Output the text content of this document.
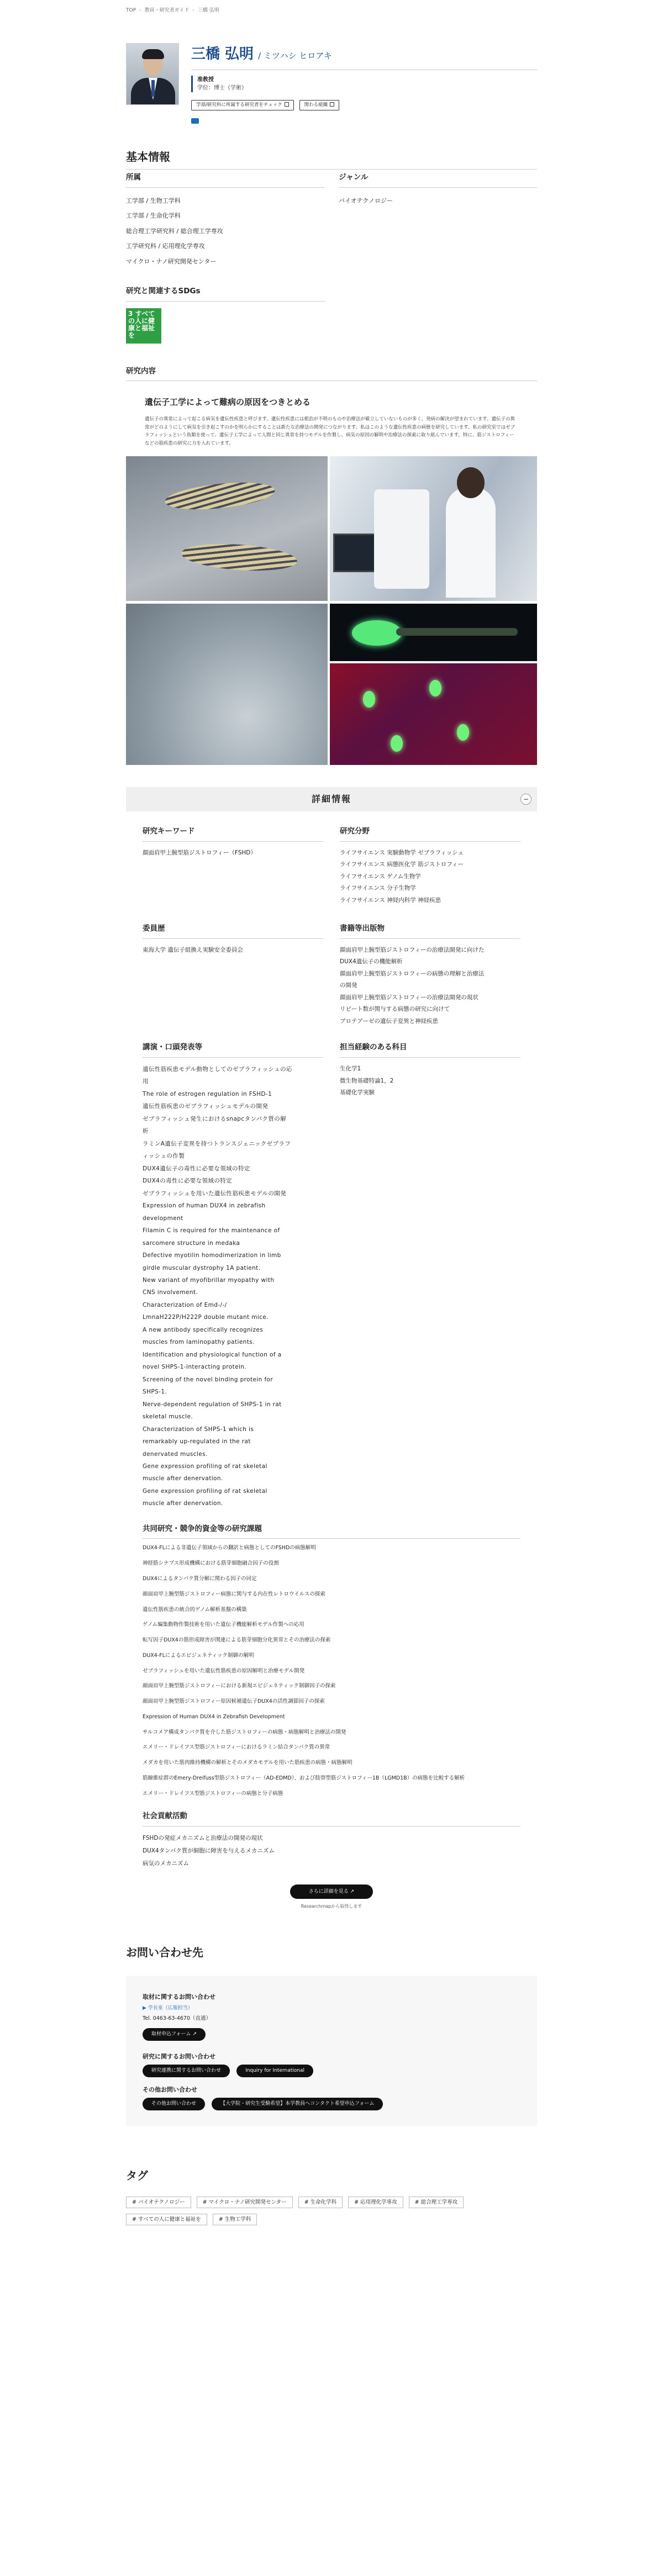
TOP › 教員・研究者ガイド › 三橋 弘明
三橋 弘明 / ミツハシ ヒロアキ
准教授
学位：博士（学術）
学部/研究科に所属する研究者をチェック	関わる組織
基本情報
所属
工学部 / 生物工学科
工学部 / 生命化学科
総合理工学研究科 / 総合理工学専攻
工学研究科 / 応用理化学専攻
マイクロ・ナノ研究開発センター
ジャンル
バイオテクノロジー
研究と関連するSDGs
3 すべての人に健康と福祉を
研究内容
遺伝子工学によって難病の原因をつきとめる
遺伝子の異常によって起こる病気を遺伝性疾患と呼びます。遺伝性疾患には根治が不明のものや治療法が確立していないものが多く、発病の解決が望まれています。遺伝子の異常がどのようにして病気を引き起こすのかを明らかにすることは新たな治療法の開発につながります。私はこのような遺伝性疾患の病態を研究しています。私の研究室ではゼブラフィッシュという魚類を使って、遺伝子工学によって人間と同じ異常を持つモデルを作製し、病気の原因の解明や治療法の探索に取り組んでいます。特に、筋ジストロフィーなどの筋疾患の研究に力を入れています。
詳細情報	−
研究キーワード
顔面肩甲上腕型筋ジストロフィー（FSHD）
研究分野
ライフサイエンス 実験動物学 ゼブラフィッシュ
ライフサイエンス 病態医化学 筋ジストロフィー
ライフサイエンス ゲノム生物学
ライフサイエンス 分子生物学
ライフサイエンス 神経内科学 神経疾患
委員歴
東海大学 遺伝子組換え実験安全委員会
書籍等出版物
顔面肩甲上腕型筋ジストロフィーの治療法開発に向けた
DUX4遺伝子の機能解析
顔面肩甲上腕型筋ジストロフィーの病態の理解と治療法
の開発
顔面肩甲上腕型筋ジストロフィーの治療法開発の現状
リピート数が関与する病態の研究に向けて
プロテアーゼの遺伝子変異と神経疾患
講演・口頭発表等
遺伝性筋疾患モデル動物としてのゼブラフィッシュの応
用
The role of estrogen regulation in FSHD-1
遺伝性筋疾患のゼブラフィッシュモデルの開発
ゼブラフィッシュ発生におけるsnapcタンパク質の解
析
ラミンA遺伝子変異を持つトランスジェニックゼブラフ
ィッシュの作製
DUX4遺伝子の毒性に必要な領域の特定
DUX4の毒性に必要な領域の特定
ゼブラフィッシュを用いた遺伝性筋疾患モデルの開発
Expression of human DUX4 in zebrafish
development
Filamin C is required for the maintenance of
sarcomere structure in medaka
Defective myotilin homodimerization in limb
girdle muscular dystrophy 1A patient.
New variant of myofibrillar myopathy with
CNS involvement.
Characterization of Emd-/-/
LmnaH222P/H222P double mutant mice.
A new antibody specifically recognizes
muscles from laminopathy patients.
Identification and physiological function of a
novel SHPS-1-interacting protein.
Screening of the novel binding protein for
SHPS-1.
Nerve-dependent regulation of SHPS-1 in rat
skeletal muscle.
Characterization of SHPS-1 which is
remarkably up-regulated in the rat
denervated muscles.
Gene expression profiling of rat skeletal
muscle after denervation.
Gene expression profiling of rat skeletal
muscle after denervation.
担当経験のある科目
生化学1
微生物基礎特論1，2
基礎化学実験
共同研究・競争的資金等の研究課題
DUX4-FLによる非遺伝子領域からの翻訳と病態としてのFSHDの病態解明
神経筋シナプス形成機構における筋芽細胞融合因子の役割
DUX4によるタンパク質分解に関わる因子の同定
顔面肩甲上腕型筋ジストロフィー病態に関与する内在性レトロウイルスの探索
遺伝性筋疾患の統合的ゲノム解析基盤の構築
ゲノム編集動物作製技術を用いた遺伝子機能解析モデル作製への応用
転写因子DUX4の筋形成障害が関連による筋芽細胞分化異常とその治療法の探索
DUX4-FLによるエピジェネティック制御の解明
ゼブラフィッシュを用いた遺伝性筋疾患の原因解明と治療モデル開発
顔面肩甲上腕型筋ジストロフィーにおける新規エピジェネティック制御因子の探索
顔面肩甲上腕型筋ジストロフィー原因候補遺伝子DUX4の活性調節因子の探索
Expression of Human DUX4 in Zebrafish Development
サルコメア構成タンパク質を介した筋ジストロフィーの病態・病態解明と治療法の開発
エメリー・ドレイフス型筋ジストロフィーにおけるラミン結合タンパク質の異常
メダカを用いた筋肉維持機構の解析とそのメダカモデルを用いた筋疾患の病態・病態解明
筋線維症群のEmery-Dreifuss型筋ジストロフィー（AD-EDMD）、および肢帯型筋ジストロフィー1B（LGMD1B）の病態を比較する解析
エメリー・ドレイフス型筋ジストロフィーの病態と分子病態
社会貢献活動
FSHDの発症メカニズムと治療法の開発の現状
DUX4タンパク質が細胞に障害を与えるメカニズム
病気のメカニズム
さらに詳細を見る ↗
Researchmapから取得します
お問い合わせ先
取材に関するお問い合わせ
▶ 学長室（広報担当）
Tel. 0463-63-4670（直通）
取材申込フォーム ↗
研究に関するお問い合わせ
研究連携に関するお問い合わせ	Inquiry for International
その他お問い合わせ
その他お問い合わせ	【大学院・研究生受験希望】本学教員へコンタクト希望申込フォーム
タグ
# バイオテクノロジー	# マイクロ・ナノ研究開発センター	# 生命化学科	# 応用理化学専攻	# 総合理工学専攻
# すべての人に健康と福祉を	# 生物工学科
